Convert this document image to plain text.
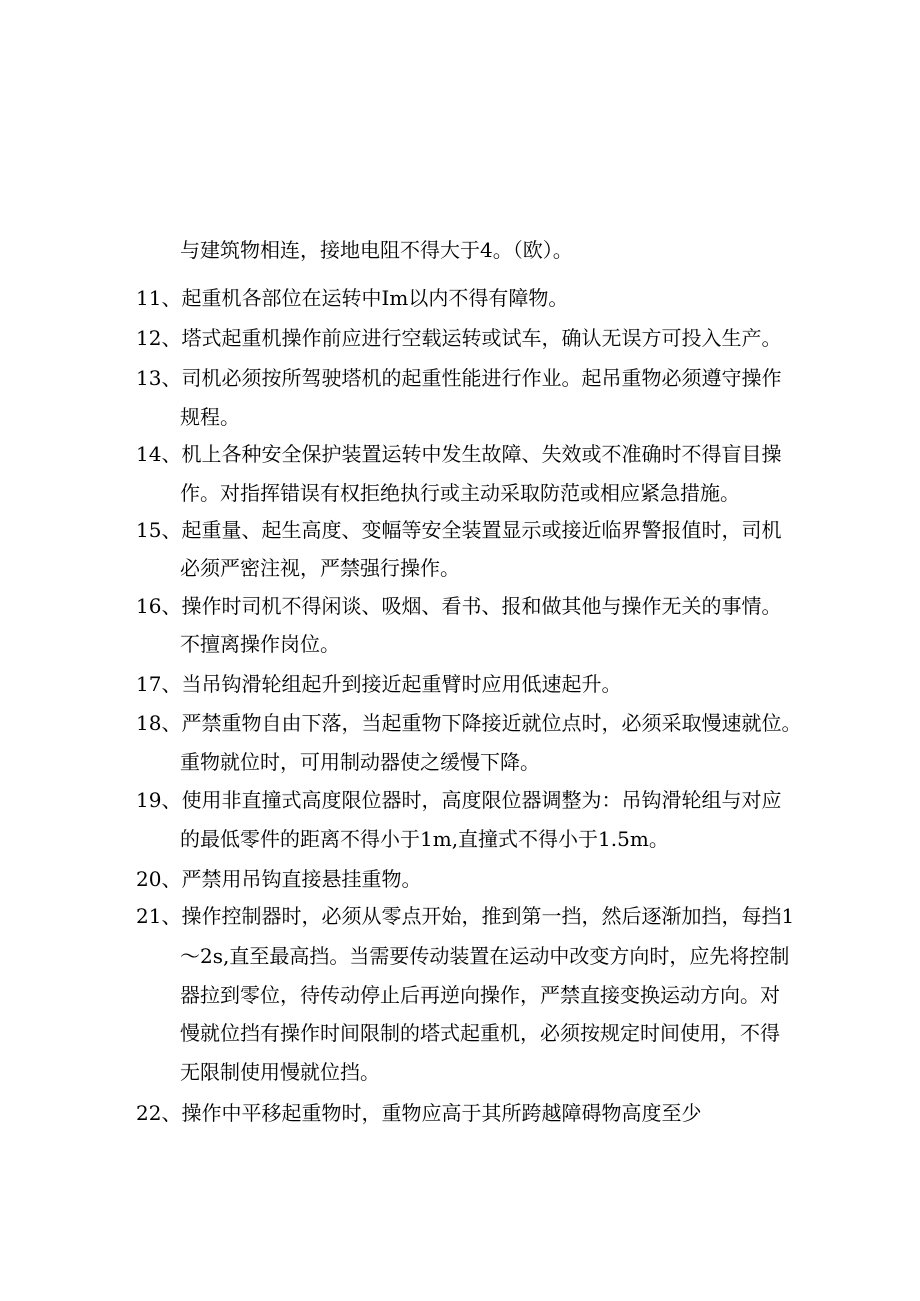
与建筑物相连，接地电阻不得大于4。（欧）。
11、起重机各部位在运转中Im以内不得有障物。
12、塔式起重机操作前应进行空载运转或试车，确认无误方可投入生产。
13、司机必须按所驾驶塔机的起重性能进行作业。起吊重物必须遵守操作
规程。
14、机上各种安全保护装置运转中发生故障、失效或不准确时不得盲目操
作。对指挥错误有权拒绝执行或主动采取防范或相应紧急措施。
15、起重量、起生高度、变幅等安全装置显示或接近临界警报值时，司机
必须严密注视，严禁强行操作。
16、操作时司机不得闲谈、吸烟、看书、报和做其他与操作无关的事情。
不擅离操作岗位。
17、当吊钩滑轮组起升到接近起重臂时应用低速起升。
18、严禁重物自由下落，当起重物下降接近就位点时，必须采取慢速就位。
重物就位时，可用制动器使之缓慢下降。
19、使用非直撞式高度限位器时，高度限位器调整为：吊钩滑轮组与对应
的最低零件的距离不得小于1m,直撞式不得小于1.5m。
20、严禁用吊钩直接悬挂重物。
21、操作控制器时，必须从零点开始，推到第一挡，然后逐渐加挡，每挡1
～2s,直至最高挡。当需要传动装置在运动中改变方向时，应先将控制
器拉到零位，待传动停止后再逆向操作，严禁直接变换运动方向。对
慢就位挡有操作时间限制的塔式起重机，必须按规定时间使用，不得
无限制使用慢就位挡。
22、操作中平移起重物时，重物应高于其所跨越障碍物高度至少
